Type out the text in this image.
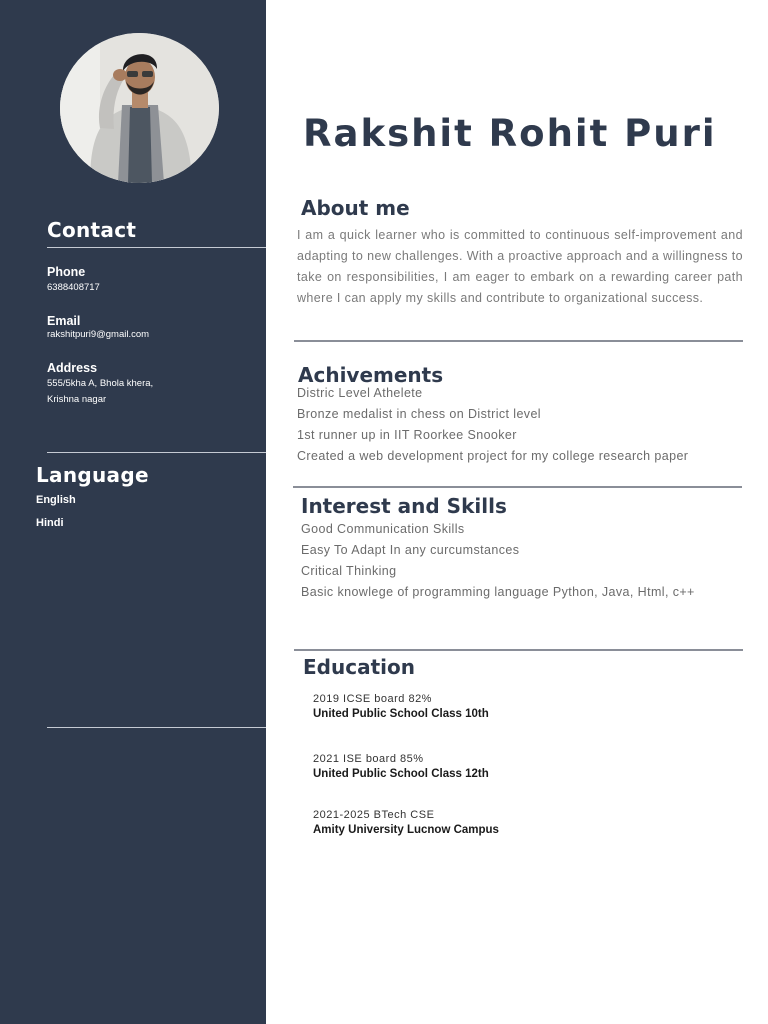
Contact
Phone
6388408717
Email
rakshitpuri9@gmail.com
Address
555/5kha A, Bhola khera,
Krishna nagar
Language
English
Hindi
Rakshit Rohit Puri
About me

I am a quick learner who is committed to continuous self-improvement and adapting to new challenges. With a proactive approach and a willingness to take on responsibilities, I am eager to embark on a rewarding career path where I can apply my skills and contribute to organizational success.

Achivements
Distric Level Athelete
Bronze medalist in chess on District level
1st runner up in IIT Roorkee Snooker
Created a web development project for my college research paper
Interest and Skills
Good Communication Skills
Easy To Adapt In any curcumstances
Critical Thinking
Basic knowlege of programming language Python, Java, Html, c++
Education
2019 ICSE board 82%
United Public School Class 10th
2021 ISE board 85%
United Public School Class 12th
2021-2025 BTech CSE
Amity University Lucnow Campus
